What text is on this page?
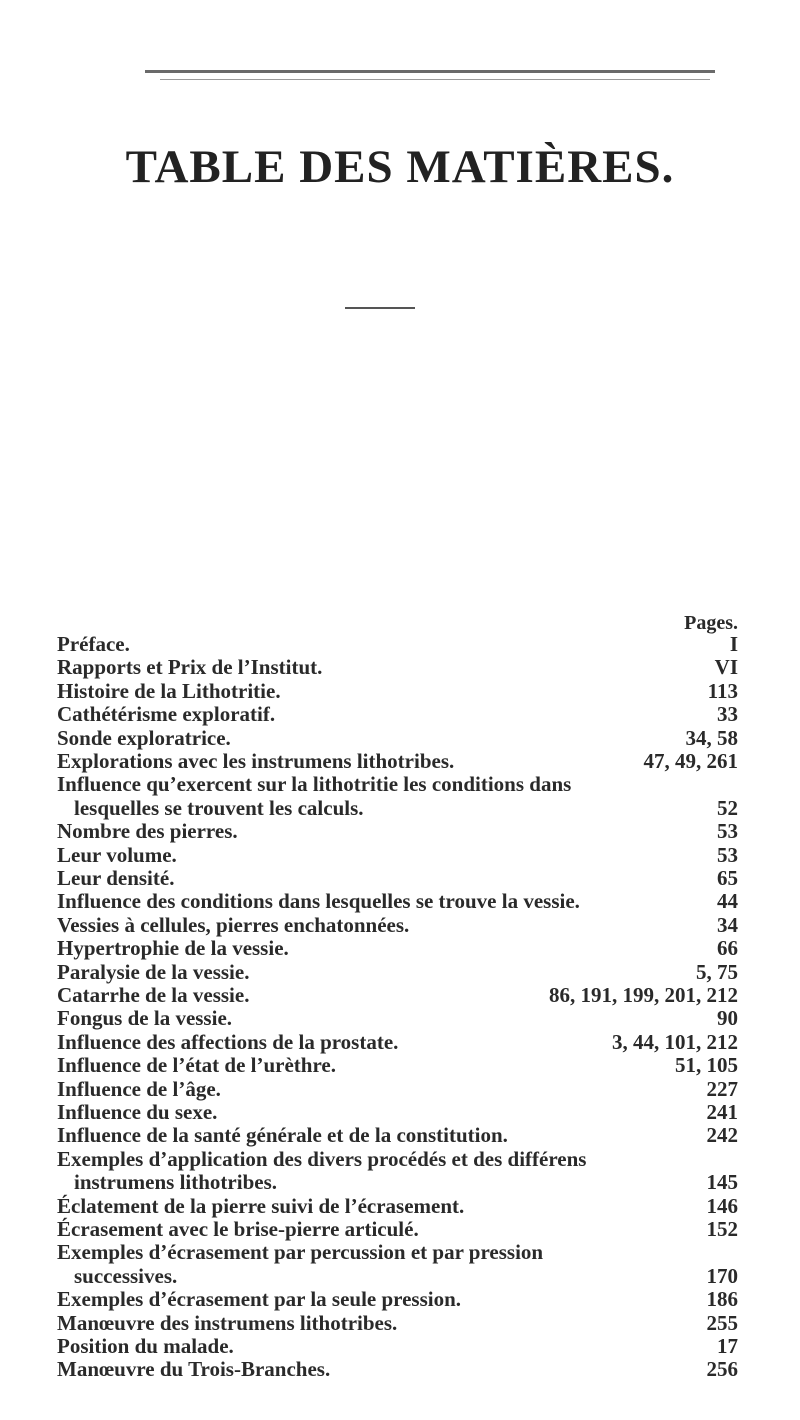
TABLE DES MATIÈRES.
Pages.
Préface.	I
Rapports et Prix de l’Institut.	VI
Histoire de la Lithotritie.	113
Cathétérisme exploratif.	33
Sonde exploratrice.	34, 58
Explorations avec les instrumens lithotribes.	47, 49, 261
Influence qu’exercent sur la lithotritie les conditions dans
lesquelles se trouvent les calculs.	52
Nombre des pierres.	53
Leur volume.	53
Leur densité.	65
Influence des conditions dans lesquelles se trouve la vessie.	44
Vessies à cellules, pierres enchatonnées.	34
Hypertrophie de la vessie.	66
Paralysie de la vessie.	5, 75
Catarrhe de la vessie.	86, 191, 199, 201, 212
Fongus de la vessie.	90
Influence des affections de la prostate.	3, 44, 101, 212
Influence de l’état de l’urèthre.	51, 105
Influence de l’âge.	227
Influence du sexe.	241
Influence de la santé générale et de la constitution.	242
Exemples d’application des divers procédés et des différens
instrumens lithotribes.	145
Éclatement de la pierre suivi de l’écrasement.	146
Écrasement avec le brise-pierre articulé.	152
Exemples d’écrasement par percussion et par pression
successives.	170
Exemples d’écrasement par la seule pression.	186
Manœuvre des instrumens lithotribes.	255
Position du malade.	17
Manœuvre du Trois-Branches.	256
